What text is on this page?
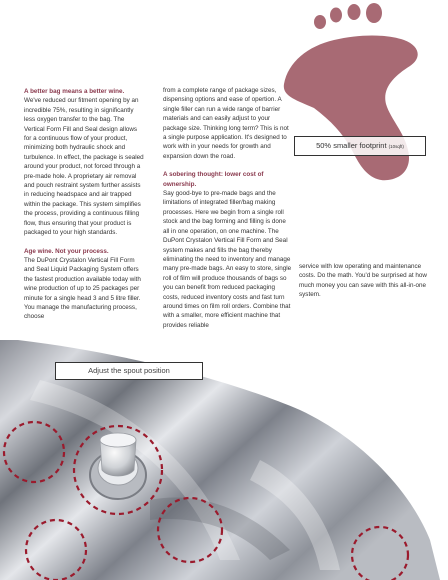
50% smaller footprint (10sqft)

A better bag means a better wine.

We've reduced our fitment opening by an incredible 75%, resulting in significantly less oxygen transfer to the bag. The Vertical Form Fill and Seal design allows for a continuous flow of your product, minimizing both hydraulic shock and turbulence. In effect, the package is sealed around your product, not forced through a pre-made hole. A proprietary air removal and pouch restraint system further assists in reducing headspace and air trapped within the package. This system simplifies the process, providing a continuous filling flow, thus ensuring that your product is packaged to your high standards.

Age wine. Not your process.

The DuPont Crystalon Vertical Fill Form and Seal Liquid Packaging System offers the fastest production available today with wine production of up to 25 packages per minute for a single head 3 and 5 litre filler. You manage the manufacturing process, choose

from a complete range of package sizes, dispensing options and ease of opertion. A single filler can run a wide range of barrier materials and can easily adjust to your package size. Thinking long term? This is not a single purpose application. It's designed to work with in your needs for growth and expansion down the road.

A sobering thought: lower cost of ownership.

Say good-bye to pre-made bags and the limitations of integrated filler/bag making processes. Here we begin from a single roll stock and the bag forming and filling is done all in one operation, on one machine. The DuPont Crystalon Vertical Fill Form and Seal system makes and fills the bag thereby eliminating the need to inventory and manage many pre-made bags. An easy to store, single roll of film will produce thousands of bags so you can benefit from reduced packaging costs, reduced inventory costs and fast turn around times on film roll orders. Combine that with a smaller, more efficient machine that provides reliable

service with low operating and maintenance costs. Do the math. You'd be surprised at how much money you can save with this all-in-one system.

Adjust the spout position
